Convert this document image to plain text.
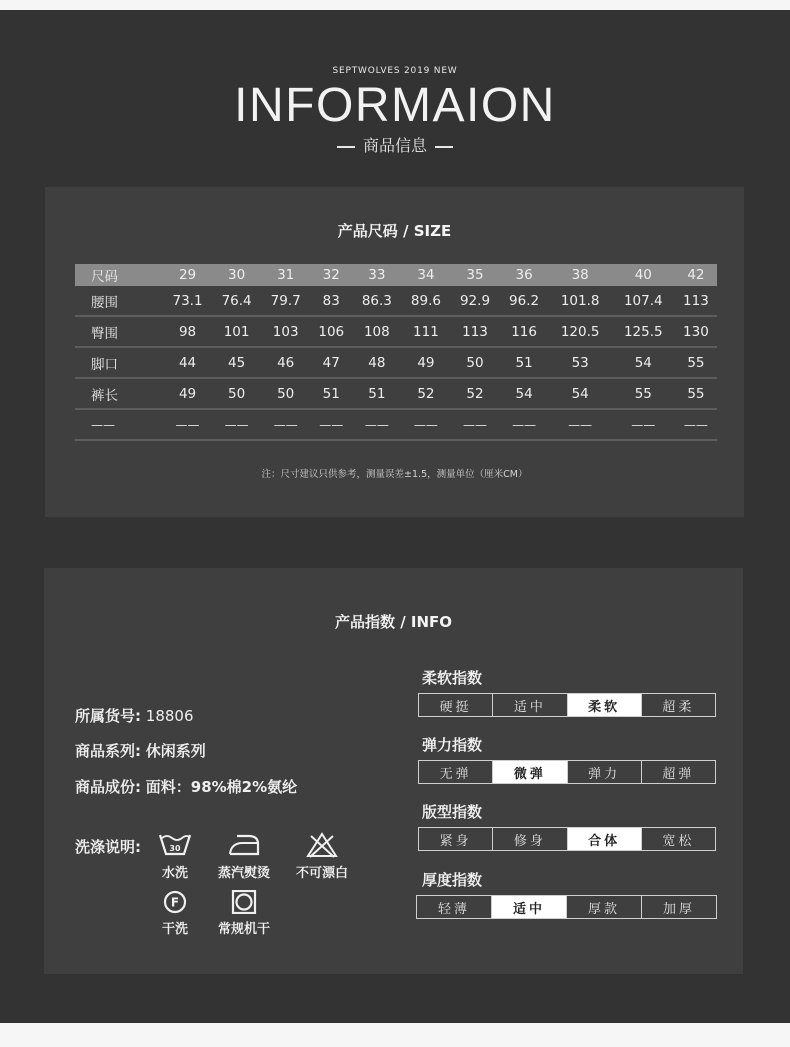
SEPTWOLVES 2019 NEW
INFORMAION
商品信息
产品尺码 / SIZE
尺码	29	30	31	32	33	34	35	36	38	40	42
腰围	73.1	76.4	79.7	83	86.3	89.6	92.9	96.2	101.8	107.4	113
臀围	98	101	103	106	108	111	113	116	120.5	125.5	130
脚口	44	45	46	47	48	49	50	51	53	54	55
裤长	49	50	50	51	51	52	52	54	54	55	55
——	——	——	——	——	——	——	——	——	——	——	——
注：尺寸建议只供参考，测量误差±1.5，测量单位（厘米CM）
产品指数 / INFO
所属货号: 18806
商品系列: 休闲系列
商品成份: 面料：98%棉2%氨纶
洗涤说明:	30
水洗	蒸汽熨烫	不可漂白
F
干洗	常规机干
柔软指数
硬挺	适中	柔软	超柔
弹力指数
无弹	微弹	弹力	超弹
版型指数
紧身	修身	合体	宽松
厚度指数
轻薄	适中	厚款	加厚
